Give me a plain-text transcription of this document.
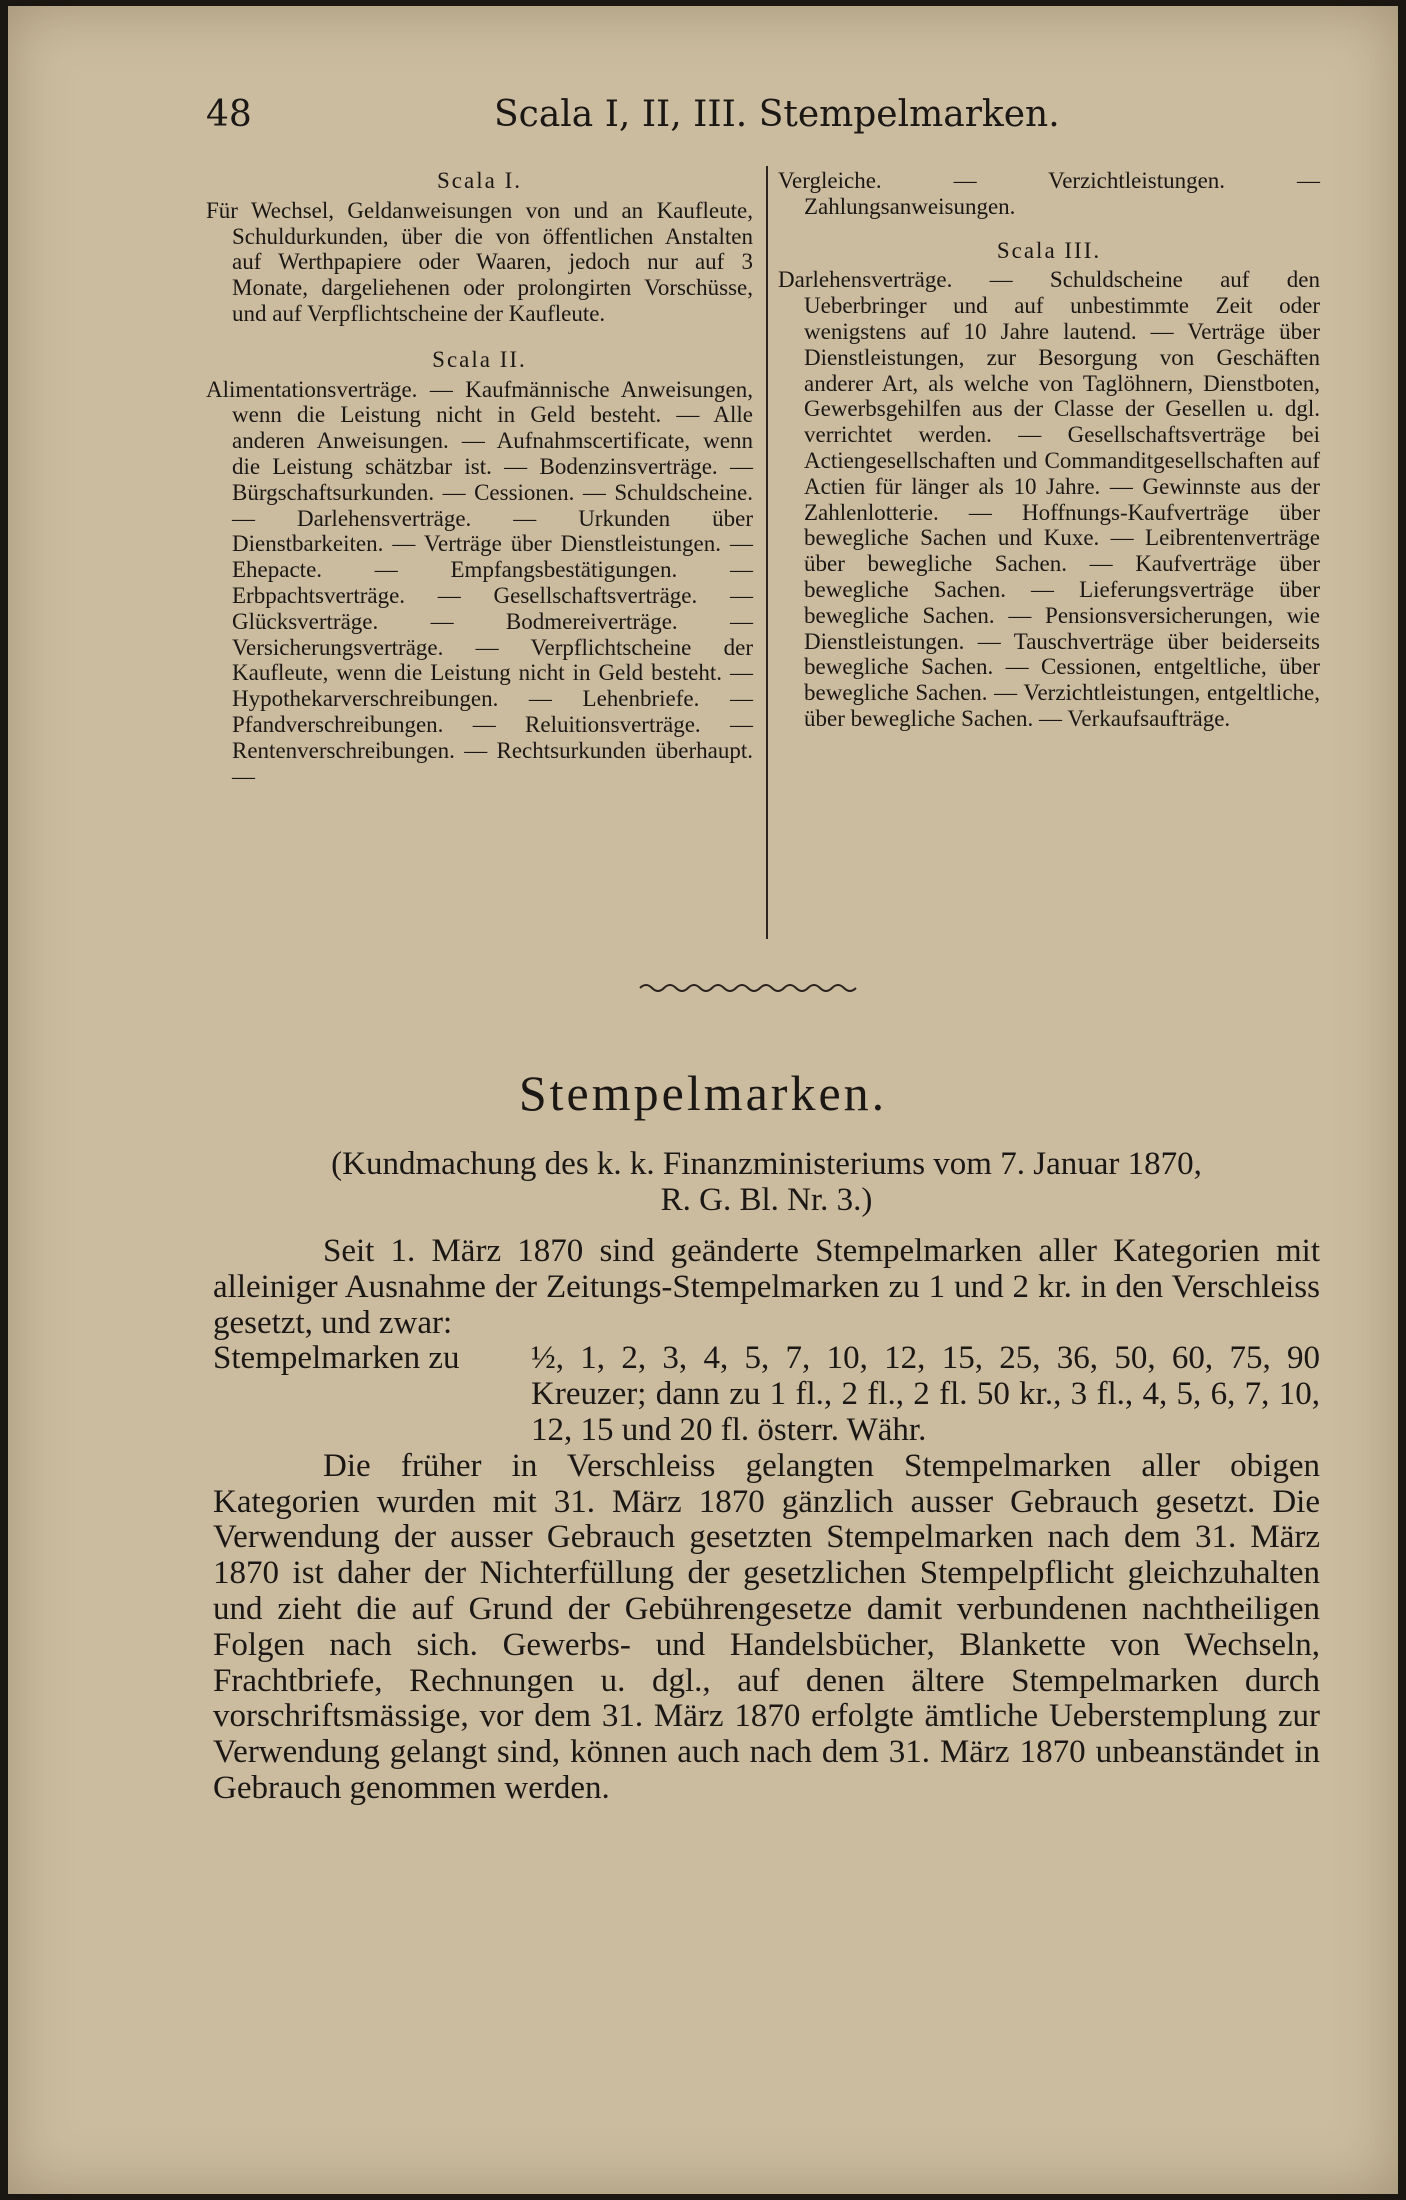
48	Scala I, II, III. Stempelmarken.

Scala I.

Für Wechsel, Geldanweisungen von und an Kaufleute, Schuldurkunden, über die von öffentlichen Anstalten auf Werthpapiere oder Waaren, jedoch nur auf 3 Monate, dargeliehenen oder prolongirten Vorschüsse, und auf Verpflichtscheine der Kaufleute.

Scala II.

Alimentationsverträge. — Kaufmännische Anweisungen, wenn die Leistung nicht in Geld besteht. — Alle anderen Anweisungen. — Aufnahmscertificate, wenn die Leistung schätzbar ist. — Bodenzinsverträge. — Bürgschaftsurkunden. — Cessionen. — Schuldscheine. — Darlehensverträge. — Urkunden über Dienstbarkeiten. — Verträge über Dienstleistungen. — Ehepacte. — Empfangsbestätigungen. — Erbpachtsverträge. — Gesellschaftsverträge. — Glücksverträge. — Bodmereiverträge. — Versicherungsverträge. — Verpflichtscheine der Kaufleute, wenn die Leistung nicht in Geld besteht. — Hypothekarverschreibungen. — Lehenbriefe. — Pfandverschreibungen. — Reluitionsverträge. — Rentenverschreibungen. — Rechtsurkunden überhaupt. —

Vergleiche. — Verzichtleistungen. — Zahlungsanweisungen.

Scala III.

Darlehensverträge. — Schuldscheine auf den Ueberbringer und auf unbestimmte Zeit oder wenigstens auf 10 Jahre lautend. — Verträge über Dienstleistungen, zur Besorgung von Geschäften anderer Art, als welche von Taglöhnern, Dienstboten, Gewerbsgehilfen aus der Classe der Gesellen u. dgl. verrichtet werden. — Gesellschaftsverträge bei Actiengesellschaften und Commanditgesellschaften auf Actien für länger als 10 Jahre. — Gewinnste aus der Zahlenlotterie. — Hoffnungs-Kaufverträge über bewegliche Sachen und Kuxe. — Leibrentenverträge über bewegliche Sachen. — Kaufverträge über bewegliche Sachen. — Lieferungsverträge über bewegliche Sachen. — Pensionsversicherungen, wie Dienstleistungen. — Tauschverträge über beiderseits bewegliche Sachen. — Cessionen, entgeltliche, über bewegliche Sachen. — Verzichtleistungen, entgeltliche, über bewegliche Sachen. — Verkaufsaufträge.

Stempelmarken.
(Kundmachung des k. k. Finanzministeriums vom 7. Januar 1870,
R. G. Bl. Nr. 3.)

Seit 1. März 1870 sind geänderte Stempelmarken aller Kategorien mit alleiniger Ausnahme der Zeitungs-Stempelmarken zu 1 und 2 kr. in den Verschleiss gesetzt, und zwar:

Stempelmarken zu ½, 1, 2, 3, 4, 5, 7, 10, 12, 15, 25, 36, 50, 60, 75, 90 Kreuzer; dann zu 1 fl., 2 fl., 2 fl. 50 kr., 3 fl., 4, 5, 6, 7, 10, 12, 15 und 20 fl. österr. Währ.

Die früher in Verschleiss gelangten Stempelmarken aller obigen Kategorien wurden mit 31. März 1870 gänzlich ausser Gebrauch gesetzt. Die Verwendung der ausser Gebrauch gesetzten Stempelmarken nach dem 31. März 1870 ist daher der Nichterfüllung der gesetzlichen Stempelpflicht gleichzuhalten und zieht die auf Grund der Gebührengesetze damit verbundenen nachtheiligen Folgen nach sich. Gewerbs- und Handelsbücher, Blankette von Wechseln, Frachtbriefe, Rechnungen u. dgl., auf denen ältere Stempelmarken durch vorschriftsmässige, vor dem 31. März 1870 erfolgte ämtliche Ueberstemplung zur Verwendung gelangt sind, können auch nach dem 31. März 1870 unbeanständet in Gebrauch genommen werden.
